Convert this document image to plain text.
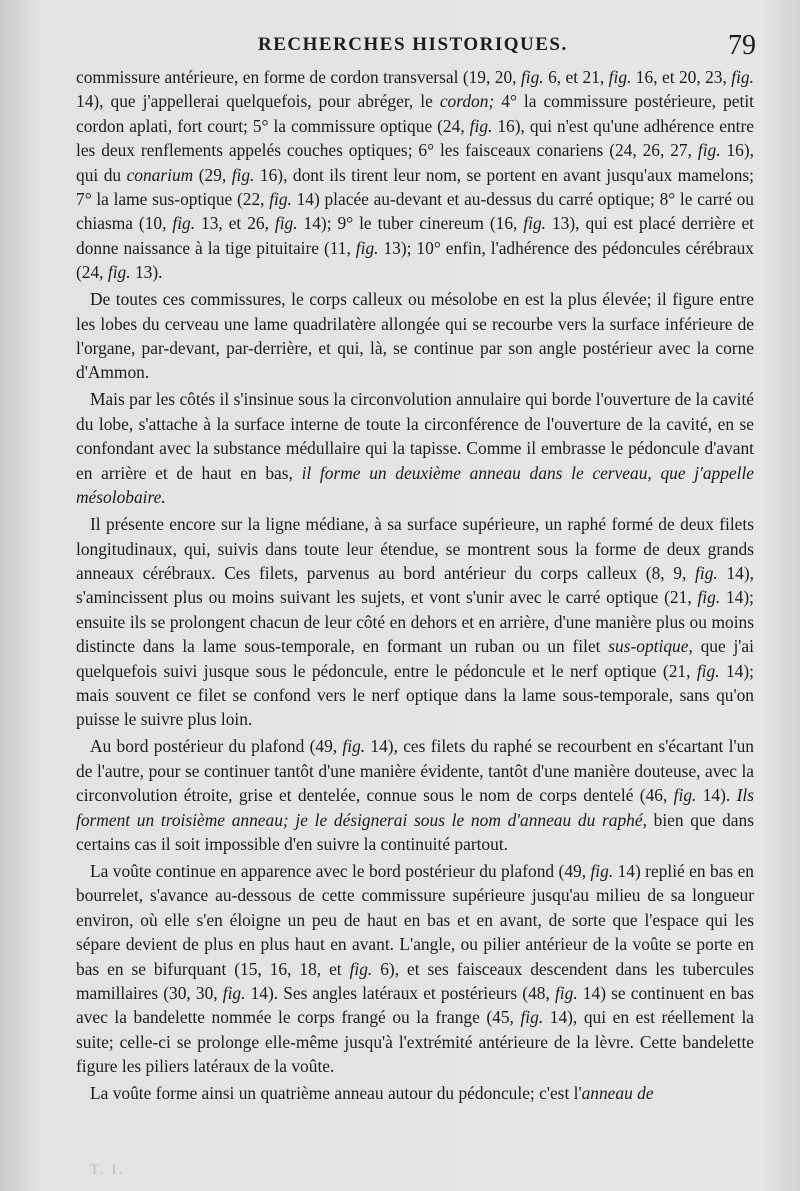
RECHERCHES HISTORIQUES.	79

commissure antérieure, en forme de cordon transversal (19, 20, fig. 6, et 21, fig. 16, et 20, 23, fig. 14), que j'appellerai quelquefois, pour abréger, le cordon; 4° la commissure postérieure, petit cordon aplati, fort court; 5° la commissure optique (24, fig. 16), qui n'est qu'une adhérence entre les deux renflements appelés couches optiques; 6° les faisceaux conariens (24, 26, 27, fig. 16), qui du conarium (29, fig. 16), dont ils tirent leur nom, se portent en avant jusqu'aux mamelons; 7° la lame sus-optique (22, fig. 14) placée au-devant et au-dessus du carré optique; 8° le carré ou chiasma (10, fig. 13, et 26, fig. 14); 9° le tuber cinereum (16, fig. 13), qui est placé derrière et donne naissance à la tige pituitaire (11, fig. 13); 10° enfin, l'adhérence des pédoncules cérébraux (24, fig. 13).

De toutes ces commissures, le corps calleux ou mésolobe en est la plus élevée; il figure entre les lobes du cerveau une lame quadrilatère allongée qui se recourbe vers la surface inférieure de l'organe, par-devant, par-derrière, et qui, là, se continue par son angle postérieur avec la corne d'Ammon.

Mais par les côtés il s'insinue sous la circonvolution annulaire qui borde l'ouverture de la cavité du lobe, s'attache à la surface interne de toute la circonférence de l'ouverture de la cavité, en se confondant avec la substance médullaire qui la tapisse. Comme il embrasse le pédoncule d'avant en arrière et de haut en bas, il forme un deuxième anneau dans le cerveau, que j'appelle mésolobaire.

Il présente encore sur la ligne médiane, à sa surface supérieure, un raphé formé de deux filets longitudinaux, qui, suivis dans toute leur étendue, se montrent sous la forme de deux grands anneaux cérébraux. Ces filets, parvenus au bord antérieur du corps calleux (8, 9, fig. 14), s'amincissent plus ou moins suivant les sujets, et vont s'unir avec le carré optique (21, fig. 14); ensuite ils se prolongent chacun de leur côté en dehors et en arrière, d'une manière plus ou moins distincte dans la lame sous-temporale, en formant un ruban ou un filet sus-optique, que j'ai quelquefois suivi jusque sous le pédoncule, entre le pédoncule et le nerf optique (21, fig. 14); mais souvent ce filet se confond vers le nerf optique dans la lame sous-temporale, sans qu'on puisse le suivre plus loin.

Au bord postérieur du plafond (49, fig. 14), ces filets du raphé se recourbent en s'écartant l'un de l'autre, pour se continuer tantôt d'une manière évidente, tantôt d'une manière douteuse, avec la circonvolution étroite, grise et dentelée, connue sous le nom de corps dentelé (46, fig. 14). Ils forment un troisième anneau; je le désignerai sous le nom d'anneau du raphé, bien que dans certains cas il soit impossible d'en suivre la continuité partout.

La voûte continue en apparence avec le bord postérieur du plafond (49, fig. 14) replié en bas en bourrelet, s'avance au-dessous de cette commissure supérieure jusqu'au milieu de sa longueur environ, où elle s'en éloigne un peu de haut en bas et en avant, de sorte que l'espace qui les sépare devient de plus en plus haut en avant. L'angle, ou pilier antérieur de la voûte se porte en bas en se bifurquant (15, 16, 18, et fig. 6), et ses faisceaux descendent dans les tubercules mamillaires (30, 30, fig. 14). Ses angles latéraux et postérieurs (48, fig. 14) se continuent en bas avec la bandelette nommée le corps frangé ou la frange (45, fig. 14), qui en est réellement la suite; celle-ci se prolonge elle-même jusqu'à l'extrémité antérieure de la lèvre. Cette bandelette figure les piliers latéraux de la voûte.

La voûte forme ainsi un quatrième anneau autour du pédoncule; c'est l'anneau de

T. I.
